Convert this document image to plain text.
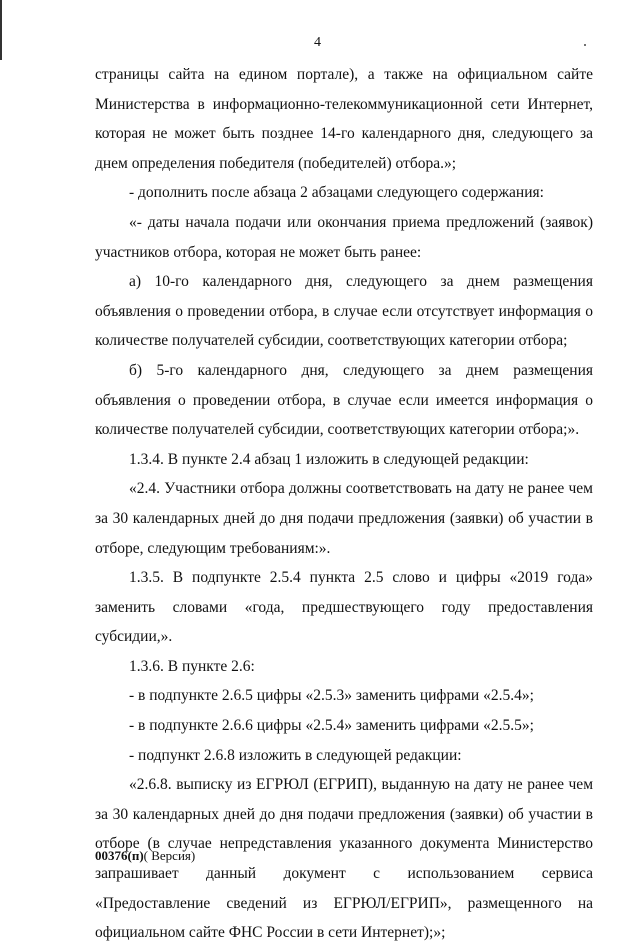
4

страницы сайта на едином портале), а также на официальном сайте Министерства в информационно-телекоммуникационной сети Интернет, которая не может быть позднее 14-го календарного дня, следующего за днем определения победителя (победителей) отбора.»;

- дополнить после абзаца 2 абзацами следующего содержания:

«- даты начала подачи или окончания приема предложений (заявок) участников отбора, которая не может быть ранее:

а) 10-го календарного дня, следующего за днем размещения объявления о проведении отбора, в случае если отсутствует информация о количестве получателей субсидии, соответствующих категории отбора;

б) 5-го календарного дня, следующего за днем размещения объявления о проведении отбора, в случае если имеется информация о количестве получателей субсидии, соответствующих категории отбора;».

1.3.4. В пункте 2.4 абзац 1 изложить в следующей редакции:

«2.4. Участники отбора должны соответствовать на дату не ранее чем за 30 календарных дней до дня подачи предложения (заявки) об участии в отборе, следующим требованиям:».

1.3.5. В подпункте 2.5.4 пункта 2.5 слово и цифры «2019 года» заменить словами «года, предшествующего году предоставления субсидии,».

1.3.6. В пункте 2.6:

- в подпункте 2.6.5 цифры «2.5.3» заменить цифрами «2.5.4»;

- в подпункте 2.6.6 цифры «2.5.4» заменить цифрами «2.5.5»;

- подпункт 2.6.8 изложить в следующей редакции:

«2.6.8. выписку из ЕГРЮЛ (ЕГРИП), выданную на дату не ранее чем за 30 календарных дней до дня подачи предложения (заявки) об участии в отборе (в случае непредставления указанного документа Министерство запрашивает данный документ с использованием сервиса «Предоставление сведений из ЕГРЮЛ/ЕГРИП», размещенного на официальном сайте ФНС России в сети Интернет);»;

00376(п)( Версия)
